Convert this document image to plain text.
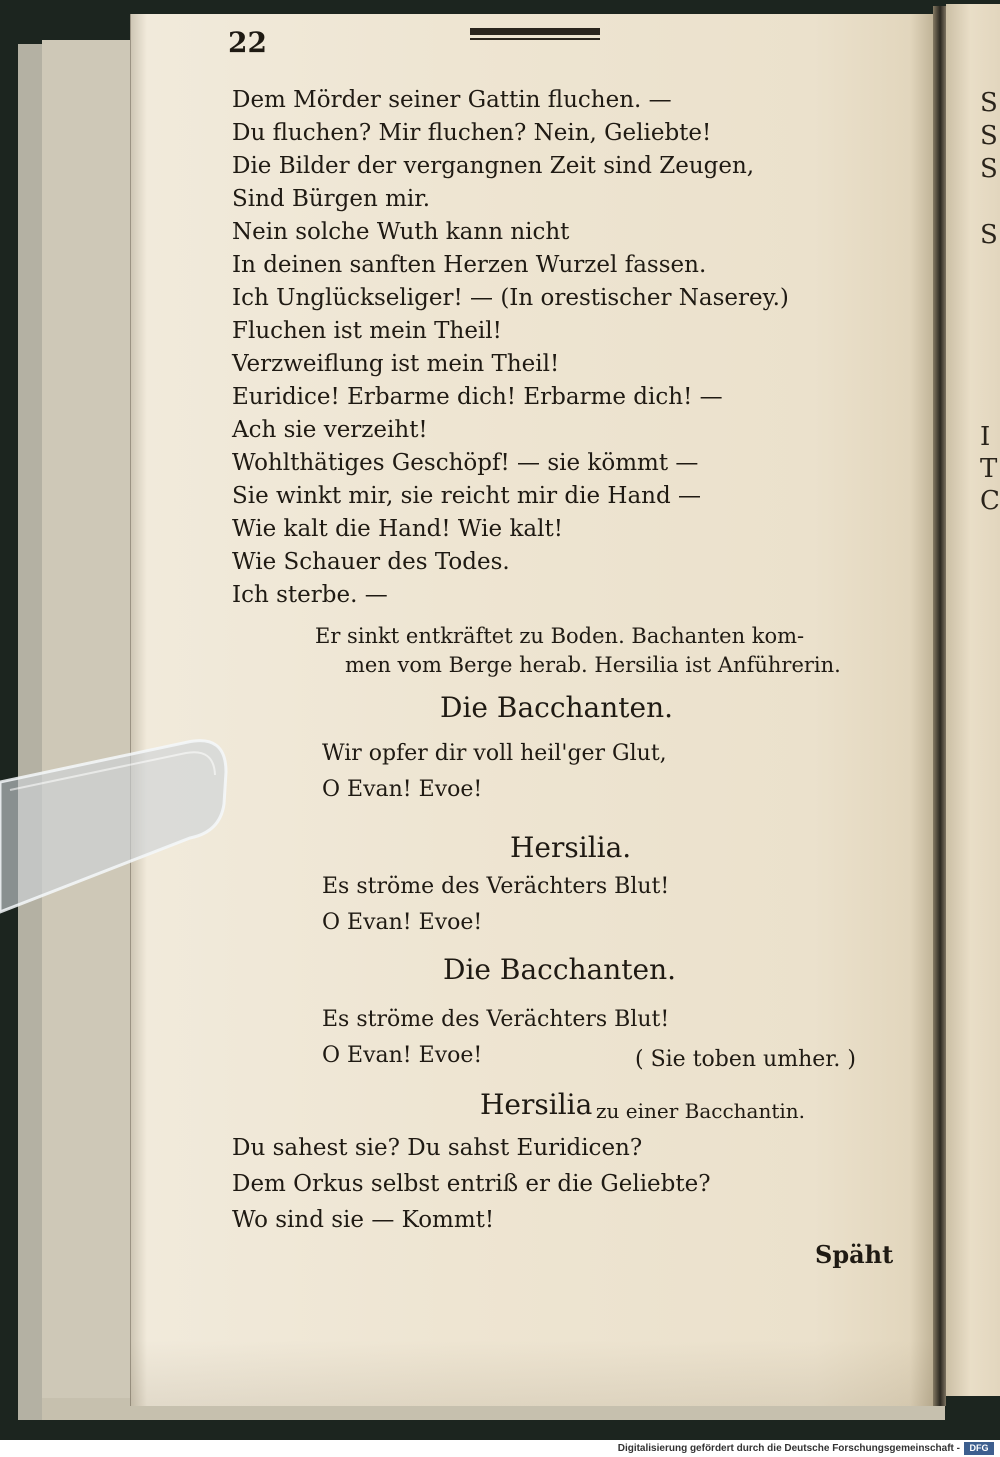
S
S
S
S
I
T
C
22
Dem Mörder seiner Gattin fluchen. —
Du fluchen? Mir fluchen? Nein, Geliebte!
Die Bilder der vergangnen Zeit sind Zeugen,
Sind Bürgen mir.
Nein solche Wuth kann nicht
In deinen sanften Herzen Wurzel fassen.
Ich Unglückseliger! — (In orestischer Naserey.)
Fluchen ist mein Theil!
Verzweiflung ist mein Theil!
Euridice! Erbarme dich! Erbarme dich! —
Ach sie verzeiht!
Wohlthätiges Geschöpf! — sie kömmt —
Sie winkt mir, sie reicht mir die Hand —
Wie kalt die Hand! Wie kalt!
Wie Schauer des Todes.
Ich sterbe. —
Er sinkt entkräftet zu Boden. Bachanten kom-
men vom Berge herab. Hersilia ist Anführerin.
Die Bacchanten.
Wir opfer dir voll heil'ger Glut,
O Evan! Evoe!
Hersilia.
Es ströme des Verächters Blut!
O Evan! Evoe!
Die Bacchanten.
Es ströme des Verächters Blut!
O Evan! Evoe!	( Sie toben umher. )
Hersilia zu einer Bacchantin.
Du sahest sie? Du sahst Euridicen?
Dem Orkus selbst entriß er die Geliebte?
Wo sind sie — Kommt!
Späht
Digitalisierung gefördert durch die Deutsche Forschungsgemeinschaft -	DFG
